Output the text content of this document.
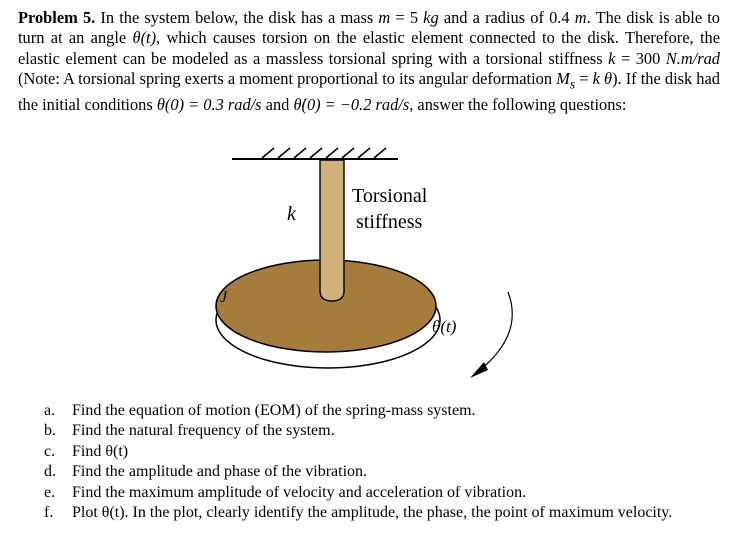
Problem 5. In the system below, the disk has a mass m = 5 kg and a radius of 0.4 m. The disk is able to turn at an angle θ(t), which causes torsion on the elastic element connected to the disk. Therefore, the elastic element can be modeled as a massless torsional spring with a torsional stiffness k = 300 N.m/rad (Note: A torsional spring exerts a moment proportional to its angular deformation $M_s = k$ θ). If the disk had the initial conditions θ(0) = 0.3 rad/s and θ̇(0) = −0.2 rad/s, answer the following questions:
k
Torsional
stiffness
J
θ(t)
a. Find the equation of motion (EOM) of the spring-mass system.
b. Find the natural frequency of the system.
c. Find θ(t)
d. Find the amplitude and phase of the vibration.
e. Find the maximum amplitude of velocity and acceleration of vibration.
f. Plot θ(t). In the plot, clearly identify the amplitude, the phase, the point of maximum velocity.
